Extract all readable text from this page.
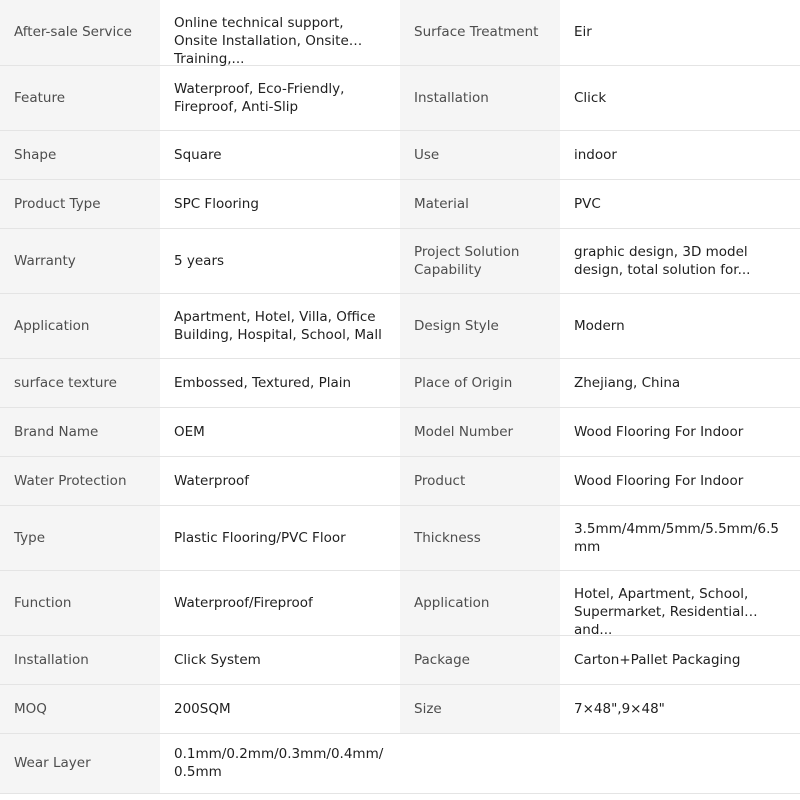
After-sale Service	Online technical support, Onsite Installation, Onsite Training,...	Surface Treatment	Eir
Feature	Waterproof, Eco-Friendly, Fireproof, Anti-Slip	Installation	Click
Shape	Square	Use	indoor
Product Type	SPC Flooring	Material	PVC
Warranty	5 years	Project Solution Capability	graphic design, 3D model design, total solution for...

Application	Apartment, Hotel, Villa, Office Building, Hospital, School, Mall	Design Style	Modern
surface texture	Embossed, Textured, Plain	Place of Origin	Zhejiang, China
Brand Name	OEM	Model Number	Wood Flooring For Indoor
Water Protection	Waterproof	Product	Wood Flooring For Indoor
Type	Plastic Flooring/PVC Floor	Thickness	3.5mm/4mm/5mm/5.5mm/6.5mm
Function	Waterproof/Fireproof	Application	Hotel, Apartment, School, Supermarket, Residential and...

Installation	Click System	Package	Carton+Pallet Packaging
MOQ	200SQM	Size	7×48",9×48"
Wear Layer	0.1mm/0.2mm/0.3mm/0.4mm/0.5mm		
